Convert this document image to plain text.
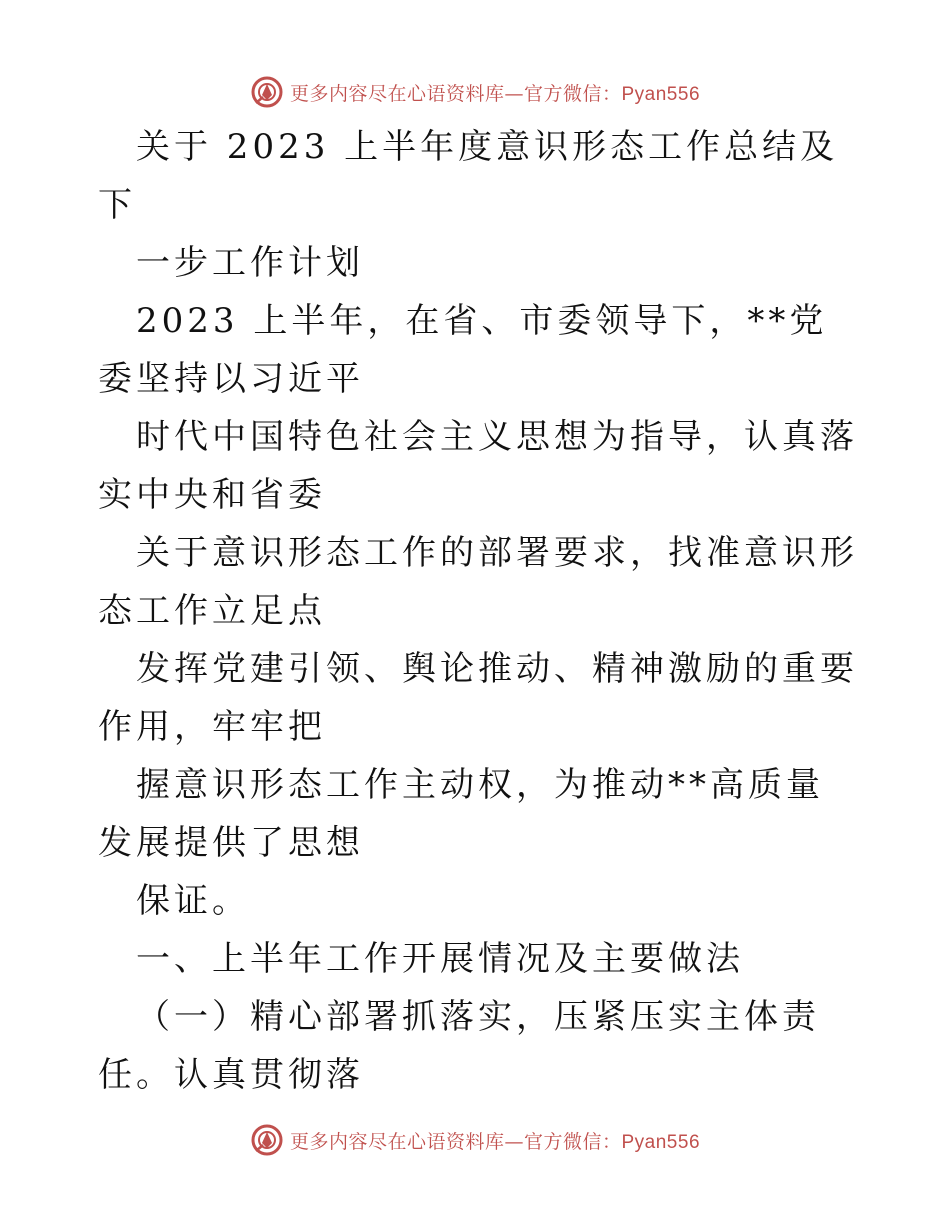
更多内容尽在心语资料库—官方微信：Pyan556

关于 2023 上半年度意识形态工作总结及下

一步工作计划

2023 上半年，在省、市委领导下，**党委坚持以习近平

时代中国特色社会主义思想为指导，认真落实中央和省委

关于意识形态工作的部署要求，找准意识形态工作立足点

发挥党建引领、舆论推动、精神激励的重要作用，牢牢把

握意识形态工作主动权，为推动**高质量发展提供了思想

保证。

一、上半年工作开展情况及主要做法

（一）精心部署抓落实，压紧压实主体责任。认真贯彻落

更多内容尽在心语资料库—官方微信：Pyan556
